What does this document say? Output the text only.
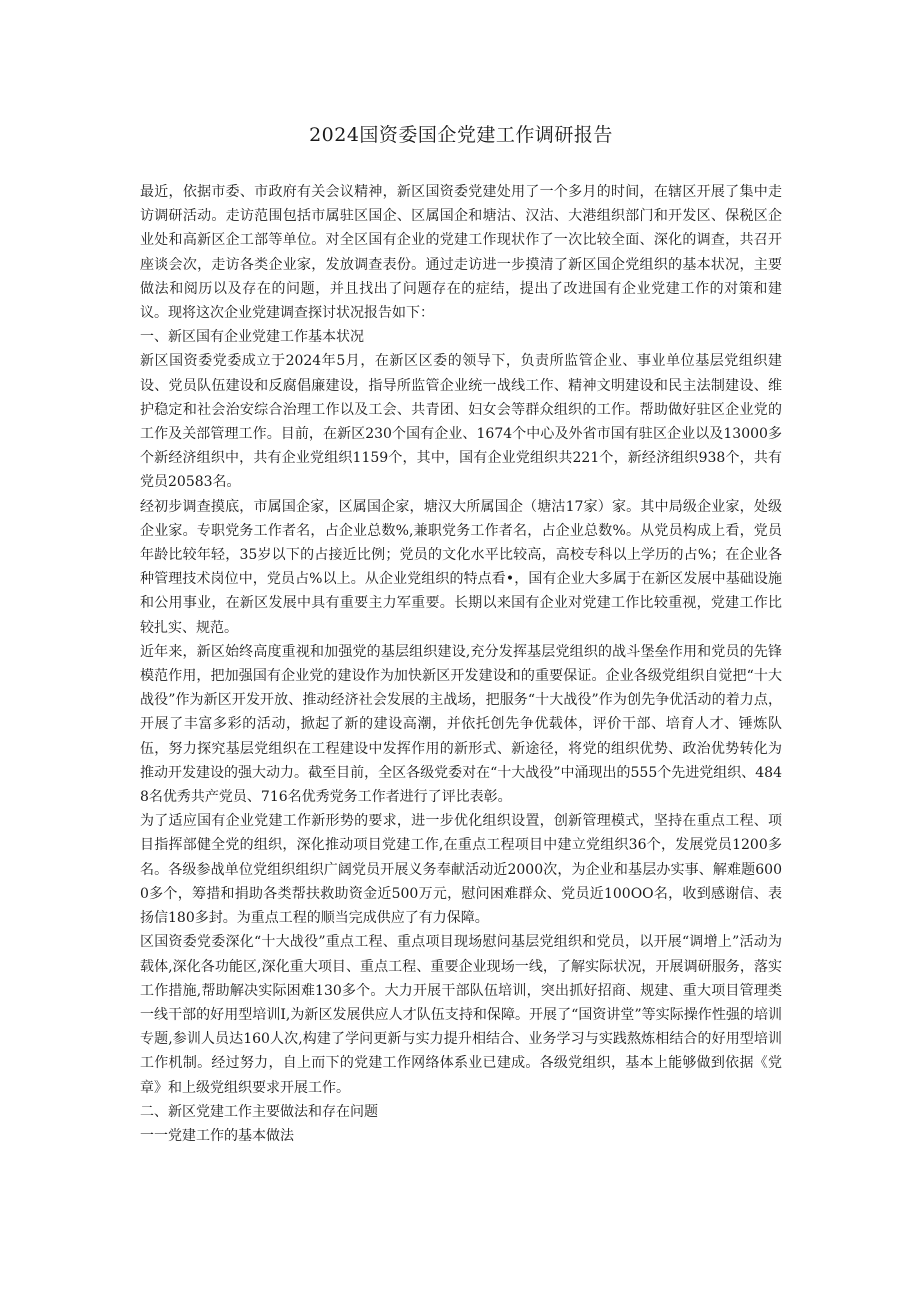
2024国资委国企党建工作调研报告

最近，依据市委、市政府有关会议精神，新区国资委党建处用了一个多月的时间，在辖区开展了集中走访调研活动。走访范围包括市属驻区国企、区属国企和塘沽、汉沽、大港组织部门和开发区、保税区企业处和高新区企工部等单位。对全区国有企业的党建工作现状作了一次比较全面、深化的调查，共召开座谈会次，走访各类企业家，发放调查表份。通过走访进一步摸清了新区国企党组织的基本状况，主要做法和阅历以及存在的问题，并且找出了问题存在的症结，提出了改进国有企业党建工作的对策和建议。现将这次企业党建调查探讨状况报告如下：

一、新区国有企业党建工作基本状况

新区国资委党委成立于2024年5月，在新区区委的领导下，负责所监管企业、事业单位基层党组织建设、党员队伍建设和反腐倡廉建设，指导所监管企业统一战线工作、精神文明建设和民主法制建设、维护稳定和社会治安综合治理工作以及工会、共青团、妇女会等群众组织的工作。帮助做好驻区企业党的工作及关部管理工作。目前，在新区230个国有企业、1674个中心及外省市国有驻区企业以及13000多个新经济组织中，共有企业党组织1159个，其中，国有企业党组织共221个，新经济组织938个，共有党员20583名。

经初步调查摸底，市属国企家，区属国企家，塘汉大所属国企（塘沽17家）家。其中局级企业家，处级企业家。专职党务工作者名，占企业总数%,兼职党务工作者名，占企业总数%。从党员构成上看，党员年龄比较年轻，35岁以下的占接近比例；党员的文化水平比较高，高校专科以上学历的占%；在企业各种管理技术岗位中，党员占%以上。从企业党组织的特点看•，国有企业大多属于在新区发展中基础设施和公用事业，在新区发展中具有重要主力军重要。长期以来国有企业对党建工作比较重视，党建工作比较扎实、规范。

近年来，新区始终高度重视和加强党的基层组织建设,充分发挥基层党组织的战斗堡垒作用和党员的先锋模范作用，把加强国有企业党的建设作为加快新区开发建设和的重要保证。企业各级党组织自觉把“十大战役”作为新区开发开放、推动经济社会发展的主战场，把服务“十大战役”作为创先争优活动的着力点，开展了丰富多彩的活动，掀起了新的建设高潮，并依托创先争优载体，评价干部、培育人才、锤炼队伍，努力探究基层党组织在工程建设中发挥作用的新形式、新途径，将党的组织优势、政治优势转化为推动开发建设的强大动力。截至目前，全区各级党委对在“十大战役”中涌现出的555个先进党组织、4848名优秀共产党员、716名优秀党务工作者进行了评比表彰。

为了适应国有企业党建工作新形势的要求，进一步优化组织设置，创新管理模式，坚持在重点工程、项目指挥部健全党的组织，深化推动项目党建工作,在重点工程项目中建立党组织36个，发展党员1200多名。各级参战单位党组织组织广阔党员开展义务奉献活动近2000次，为企业和基层办实事、解难题6000多个，筹措和捐助各类帮扶救助资金近500万元，慰问困难群众、党员近100OO名，收到感谢信、表扬信180多封。为重点工程的顺当完成供应了有力保障。

区国资委党委深化“十大战役”重点工程、重点项目现场慰问基层党组织和党员，以开展“调增上”活动为载体,深化各功能区,深化重大项目、重点工程、重要企业现场一线，了解实际状况，开展调研服务，落实工作措施,帮助解决实际困难130多个。大力开展干部队伍培训，突出抓好招商、规建、重大项目管理类一线干部的好用型培训I,为新区发展供应人才队伍支持和保障。开展了“国资讲堂”等实际操作性强的培训专题,参训人员达160人次,构建了学问更新与实力提升相结合、业务学习与实践熬炼相结合的好用型培训工作机制。经过努力，自上而下的党建工作网络体系业已建成。各级党组织，基本上能够做到依据《党章》和上级党组织要求开展工作。

二、新区党建工作主要做法和存在问题

一一党建工作的基本做法
